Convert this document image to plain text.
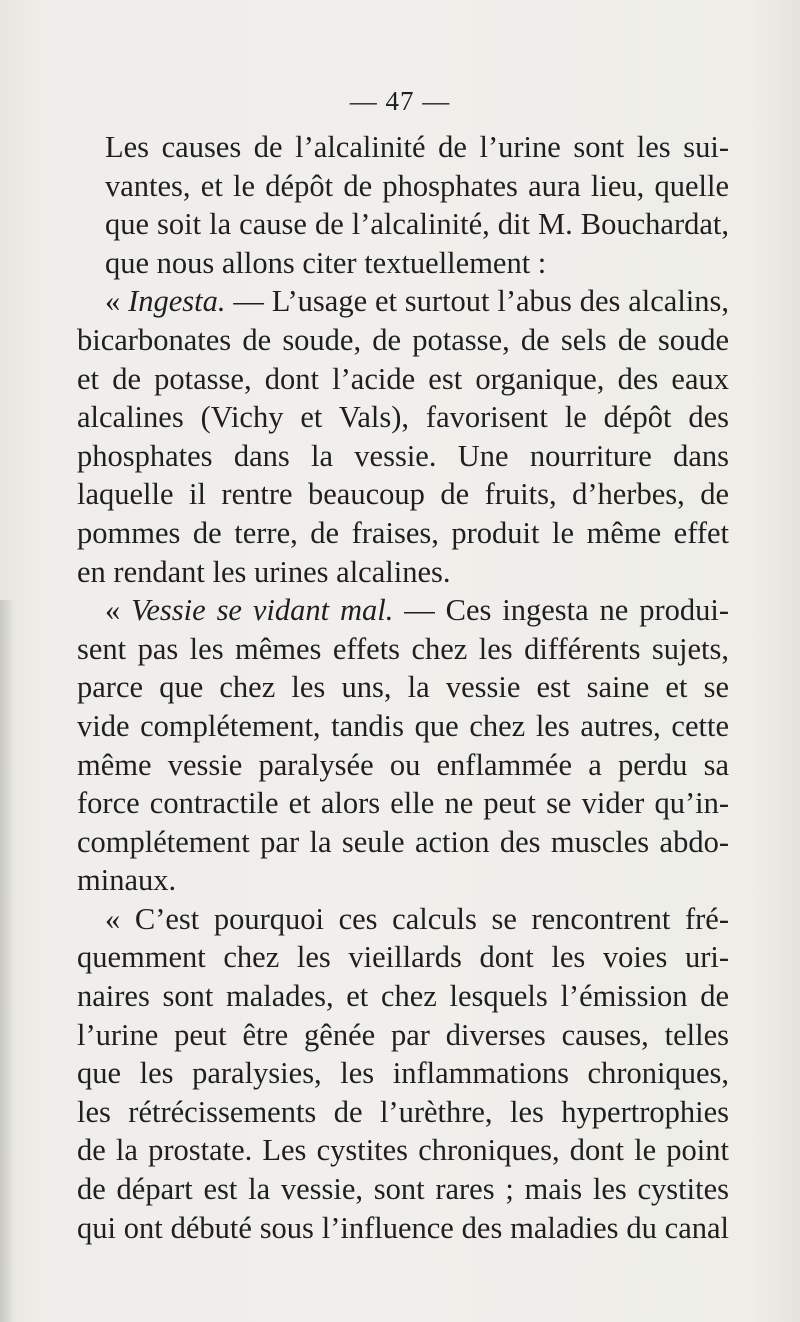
— 47 —

Les causes de l’alcalinité de l’urine sont les sui-
vantes, et le dépôt de phosphates aura lieu, quelle
que soit la cause de l’alcalinité, dit M. Bouchardat,
que nous allons citer textuellement :

« Ingesta. — L’usage et surtout l’abus des alcalins,
bicarbonates de soude, de potasse, de sels de soude
et de potasse, dont l’acide est organique, des eaux
alcalines (Vichy et Vals), favorisent le dépôt des
phosphates dans la vessie. Une nourriture dans
laquelle il rentre beaucoup de fruits, d’herbes, de
pommes de terre, de fraises, produit le même effet
en rendant les urines alcalines.

« Vessie se vidant mal. — Ces ingesta ne produi-
sent pas les mêmes effets chez les différents sujets,
parce que chez les uns, la vessie est saine et se
vide complétement, tandis que chez les autres, cette
même vessie paralysée ou enflammée a perdu sa
force contractile et alors elle ne peut se vider qu’in-
complétement par la seule action des muscles abdo-
minaux.

« C’est pourquoi ces calculs se rencontrent fré-
quemment chez les vieillards dont les voies uri-
naires sont malades, et chez lesquels l’émission de
l’urine peut être gênée par diverses causes, telles
que les paralysies, les inflammations chroniques,
les rétrécissements de l’urèthre, les hypertrophies
de la prostate. Les cystites chroniques, dont le point
de départ est la vessie, sont rares ; mais les cystites
qui ont débuté sous l’influence des maladies du canal
